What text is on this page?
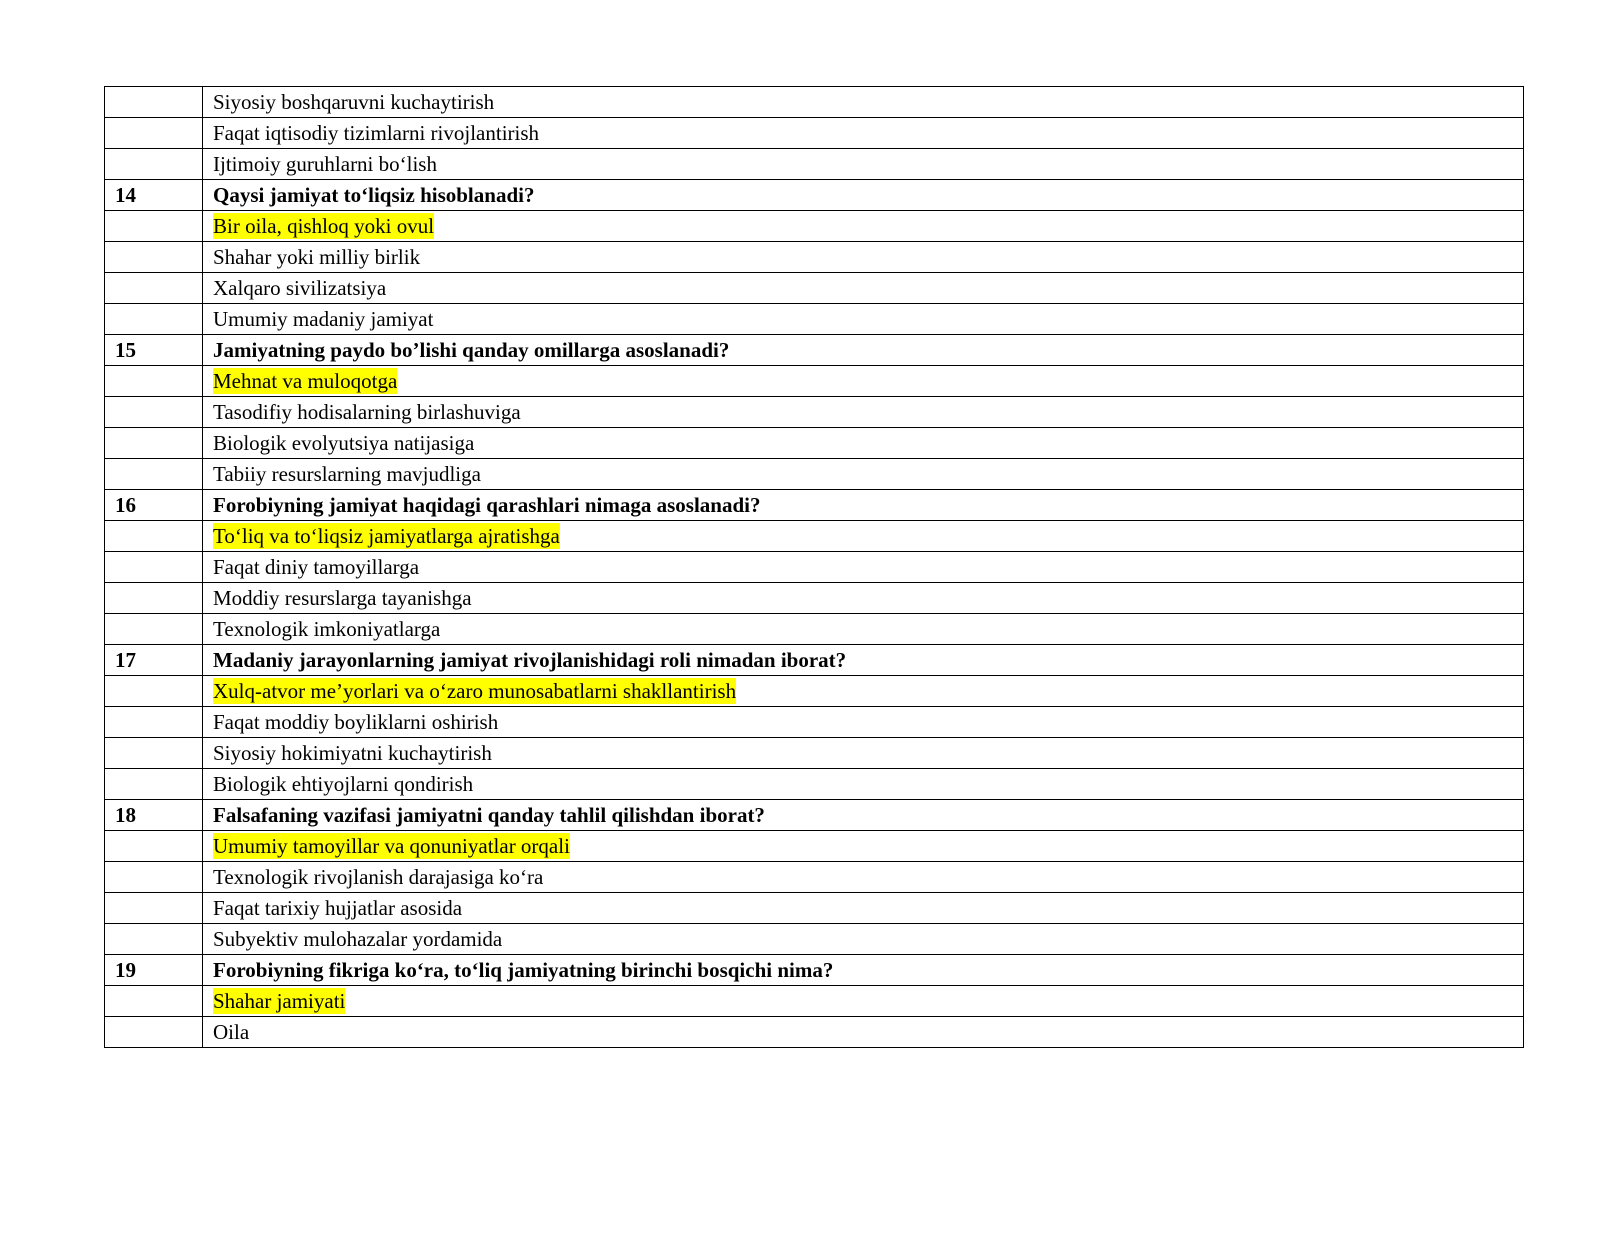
	Siyosiy boshqaruvni kuchaytirish
	Faqat iqtisodiy tizimlarni rivojlantirish
	Ijtimoiy guruhlarni bo‘lish
14	Qaysi jamiyat to‘liqsiz hisoblanadi?
	Bir oila, qishloq yoki ovul
	Shahar yoki milliy birlik
	Xalqaro sivilizatsiya
	Umumiy madaniy jamiyat
15	Jamiyatning paydo bo’lishi qanday omillarga asoslanadi?
	Mehnat va muloqotga
	Tasodifiy hodisalarning birlashuviga
	Biologik evolyutsiya natijasiga
	Tabiiy resurslarning mavjudliga
16	Forobiyning jamiyat haqidagi qarashlari nimaga asoslanadi?
	To‘liq va to‘liqsiz jamiyatlarga ajratishga
	Faqat diniy tamoyillarga
	Moddiy resurslarga tayanishga
	Texnologik imkoniyatlarga
17	Madaniy jarayonlarning jamiyat rivojlanishidagi roli nimadan iborat?
	Xulq-atvor me’yorlari va o‘zaro munosabatlarni shakllantirish
	Faqat moddiy boyliklarni oshirish
	Siyosiy hokimiyatni kuchaytirish
	Biologik ehtiyojlarni qondirish
18	Falsafaning vazifasi jamiyatni qanday tahlil qilishdan iborat?
	Umumiy tamoyillar va qonuniyatlar orqali
	Texnologik rivojlanish darajasiga ko‘ra
	Faqat tarixiy hujjatlar asosida
	Subyektiv mulohazalar yordamida
19	Forobiyning fikriga ko‘ra, to‘liq jamiyatning birinchi bosqichi nima?
	Shahar jamiyati
	Oila
